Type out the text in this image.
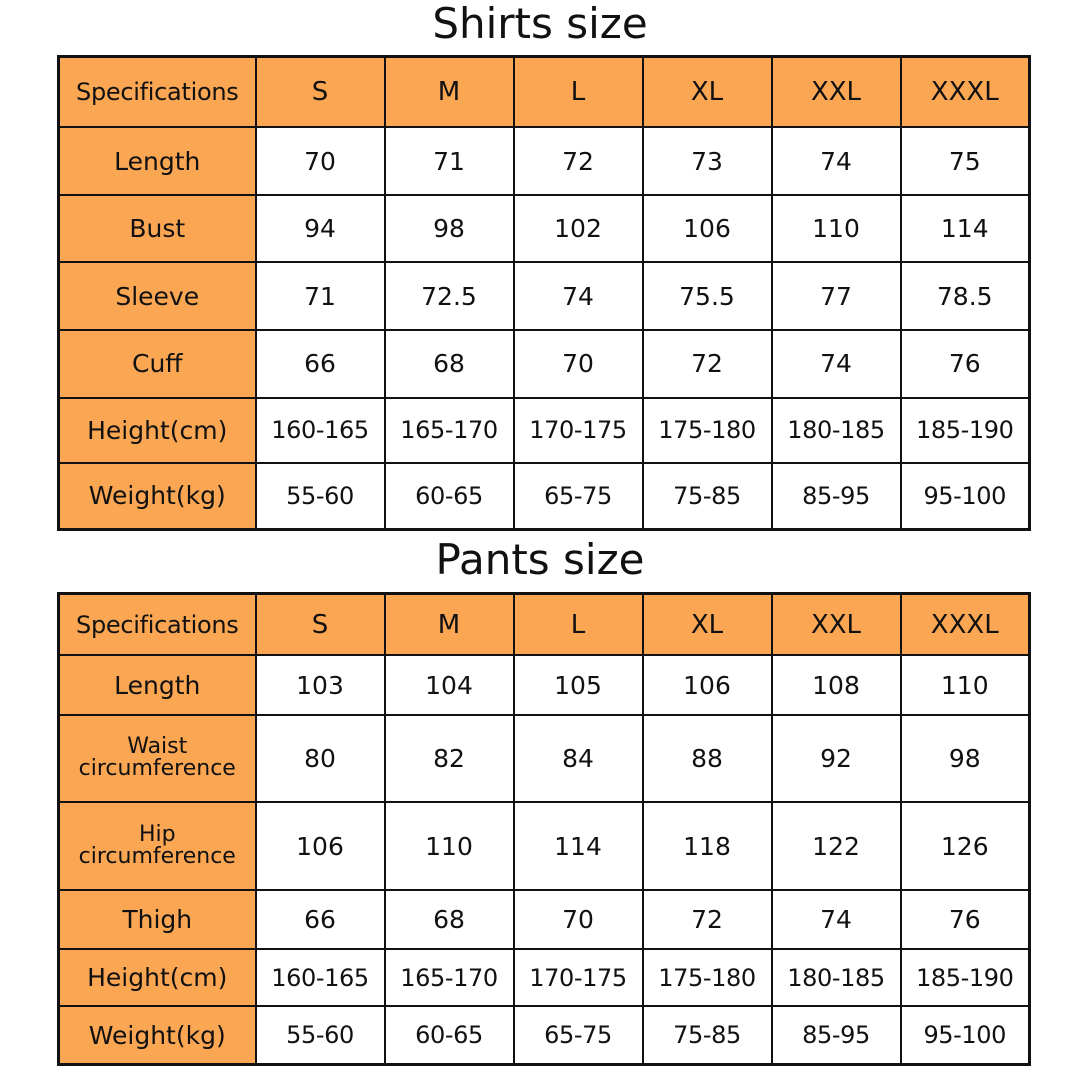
Shirts size
Specifications	S	M	L	XL	XXL	XXXL
Length	70	71	72	73	74	75
Bust	94	98	102	106	110	114
Sleeve	71	72.5	74	75.5	77	78.5
Cuff	66	68	70	72	74	76
Height(cm)	160-165	165-170	170-175	175-180	180-185	185-190
Weight(kg)	55-60	60-65	65-75	75-85	85-95	95-100
Pants size
Specifications	S	M	L	XL	XXL	XXXL
Length	103	104	105	106	108	110
Waist circumference	80	82	84	88	92	98
Hip circumference	106	110	114	118	122	126
Thigh	66	68	70	72	74	76
Height(cm)	160-165	165-170	170-175	175-180	180-185	185-190
Weight(kg)	55-60	60-65	65-75	75-85	85-95	95-100
